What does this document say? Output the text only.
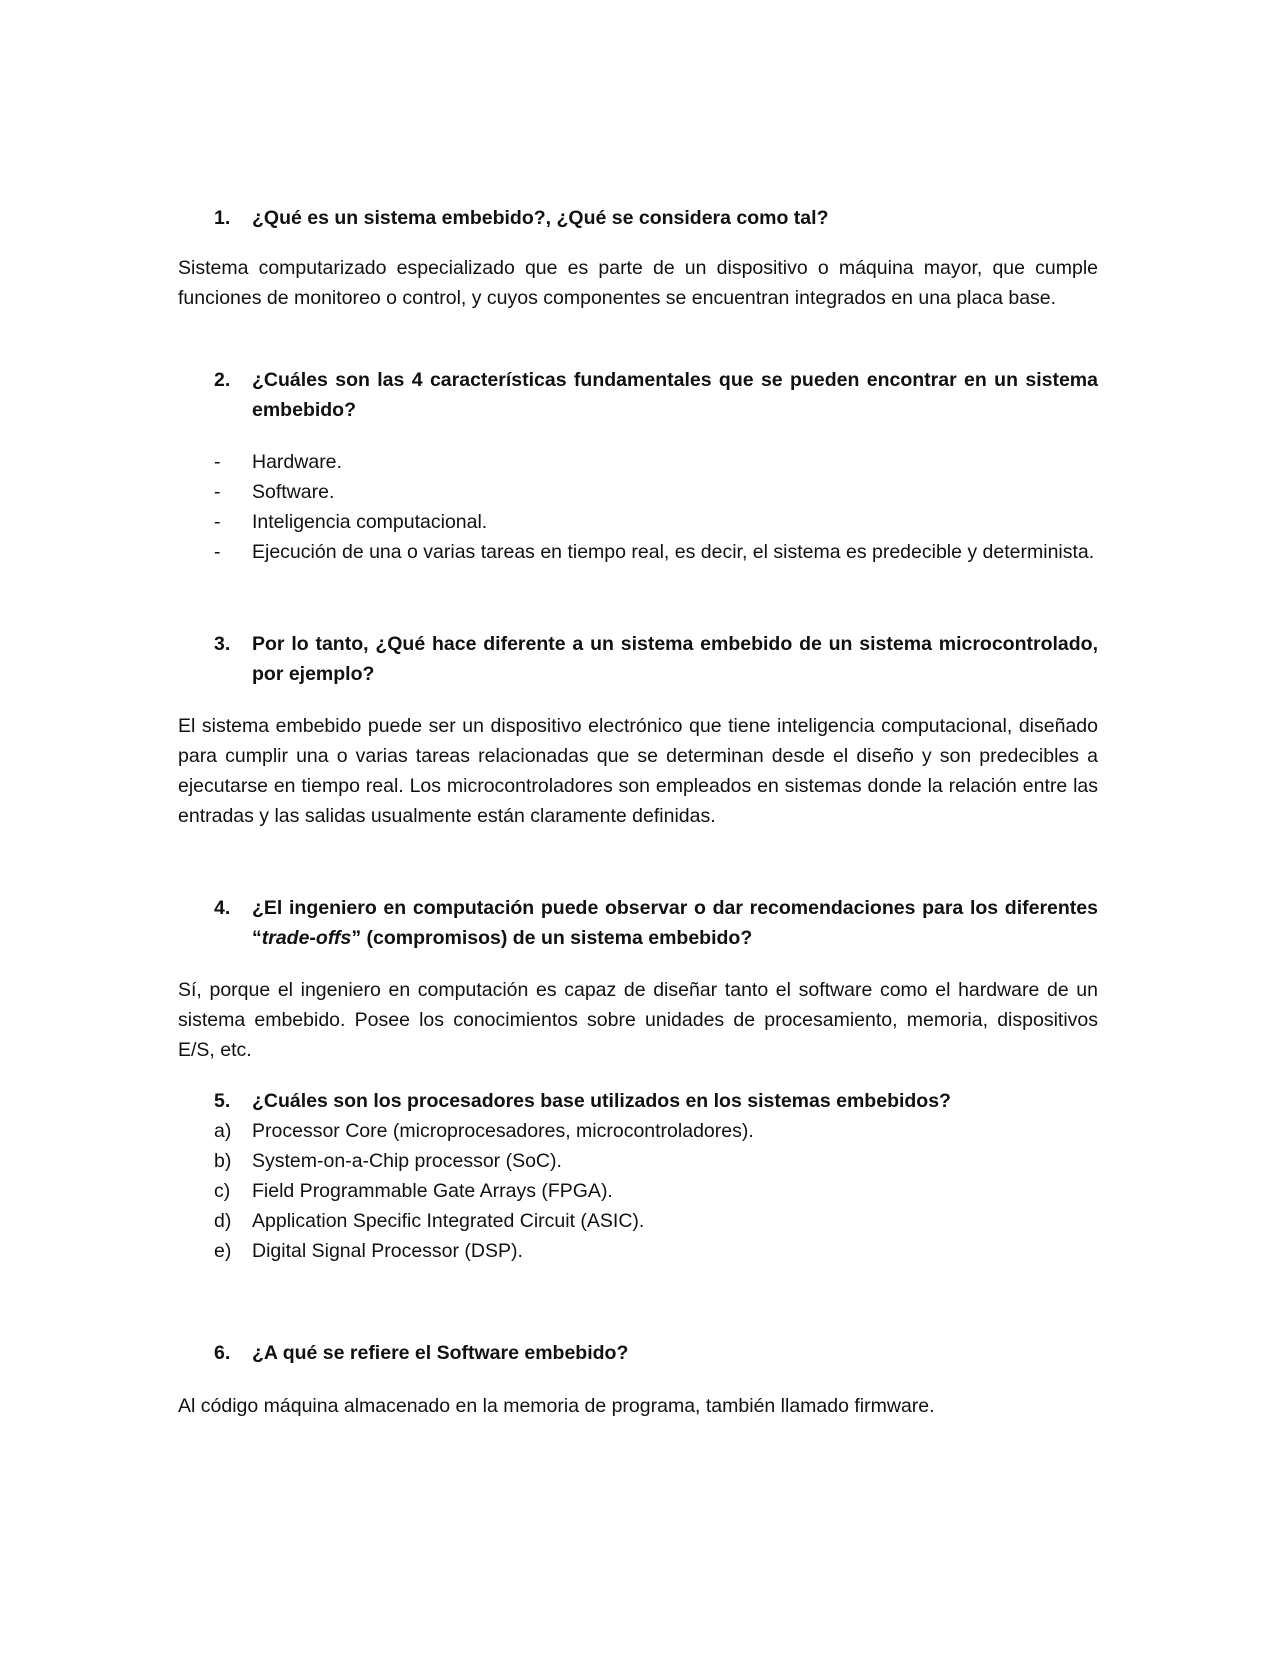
1. ¿Qué es un sistema embebido?, ¿Qué se considera como tal?
Sistema computarizado especializado que es parte de un dispositivo o máquina mayor, que cumple funciones de monitoreo o control, y cuyos componentes se encuentran integrados en una placa base.
2. ¿Cuáles son las 4 características fundamentales que se pueden encontrar en un sistema embebido?
- Hardware.
- Software.
- Inteligencia computacional.
- Ejecución de una o varias tareas en tiempo real, es decir, el sistema es predecible y determinista.
3. Por lo tanto, ¿Qué hace diferente a un sistema embebido de un sistema microcontrolado, por ejemplo?
El sistema embebido puede ser un dispositivo electrónico que tiene inteligencia computacional, diseñado para cumplir una o varias tareas relacionadas que se determinan desde el diseño y son predecibles a ejecutarse en tiempo real. Los microcontroladores son empleados en sistemas donde la relación entre las entradas y las salidas usualmente están claramente definidas.
4. ¿El ingeniero en computación puede observar o dar recomendaciones para los diferentes “trade-offs” (compromisos) de un sistema embebido?
Sí, porque el ingeniero en computación es capaz de diseñar tanto el software como el hardware de un sistema embebido. Posee los conocimientos sobre unidades de procesamiento, memoria, dispositivos E/S, etc.
5. ¿Cuáles son los procesadores base utilizados en los sistemas embebidos?
a) Processor Core (microprocesadores, microcontroladores).
b) System-on-a-Chip processor (SoC).
c) Field Programmable Gate Arrays (FPGA).
d) Application Specific Integrated Circuit (ASIC).
e) Digital Signal Processor (DSP).
6. ¿A qué se refiere el Software embebido?
Al código máquina almacenado en la memoria de programa, también llamado firmware.
